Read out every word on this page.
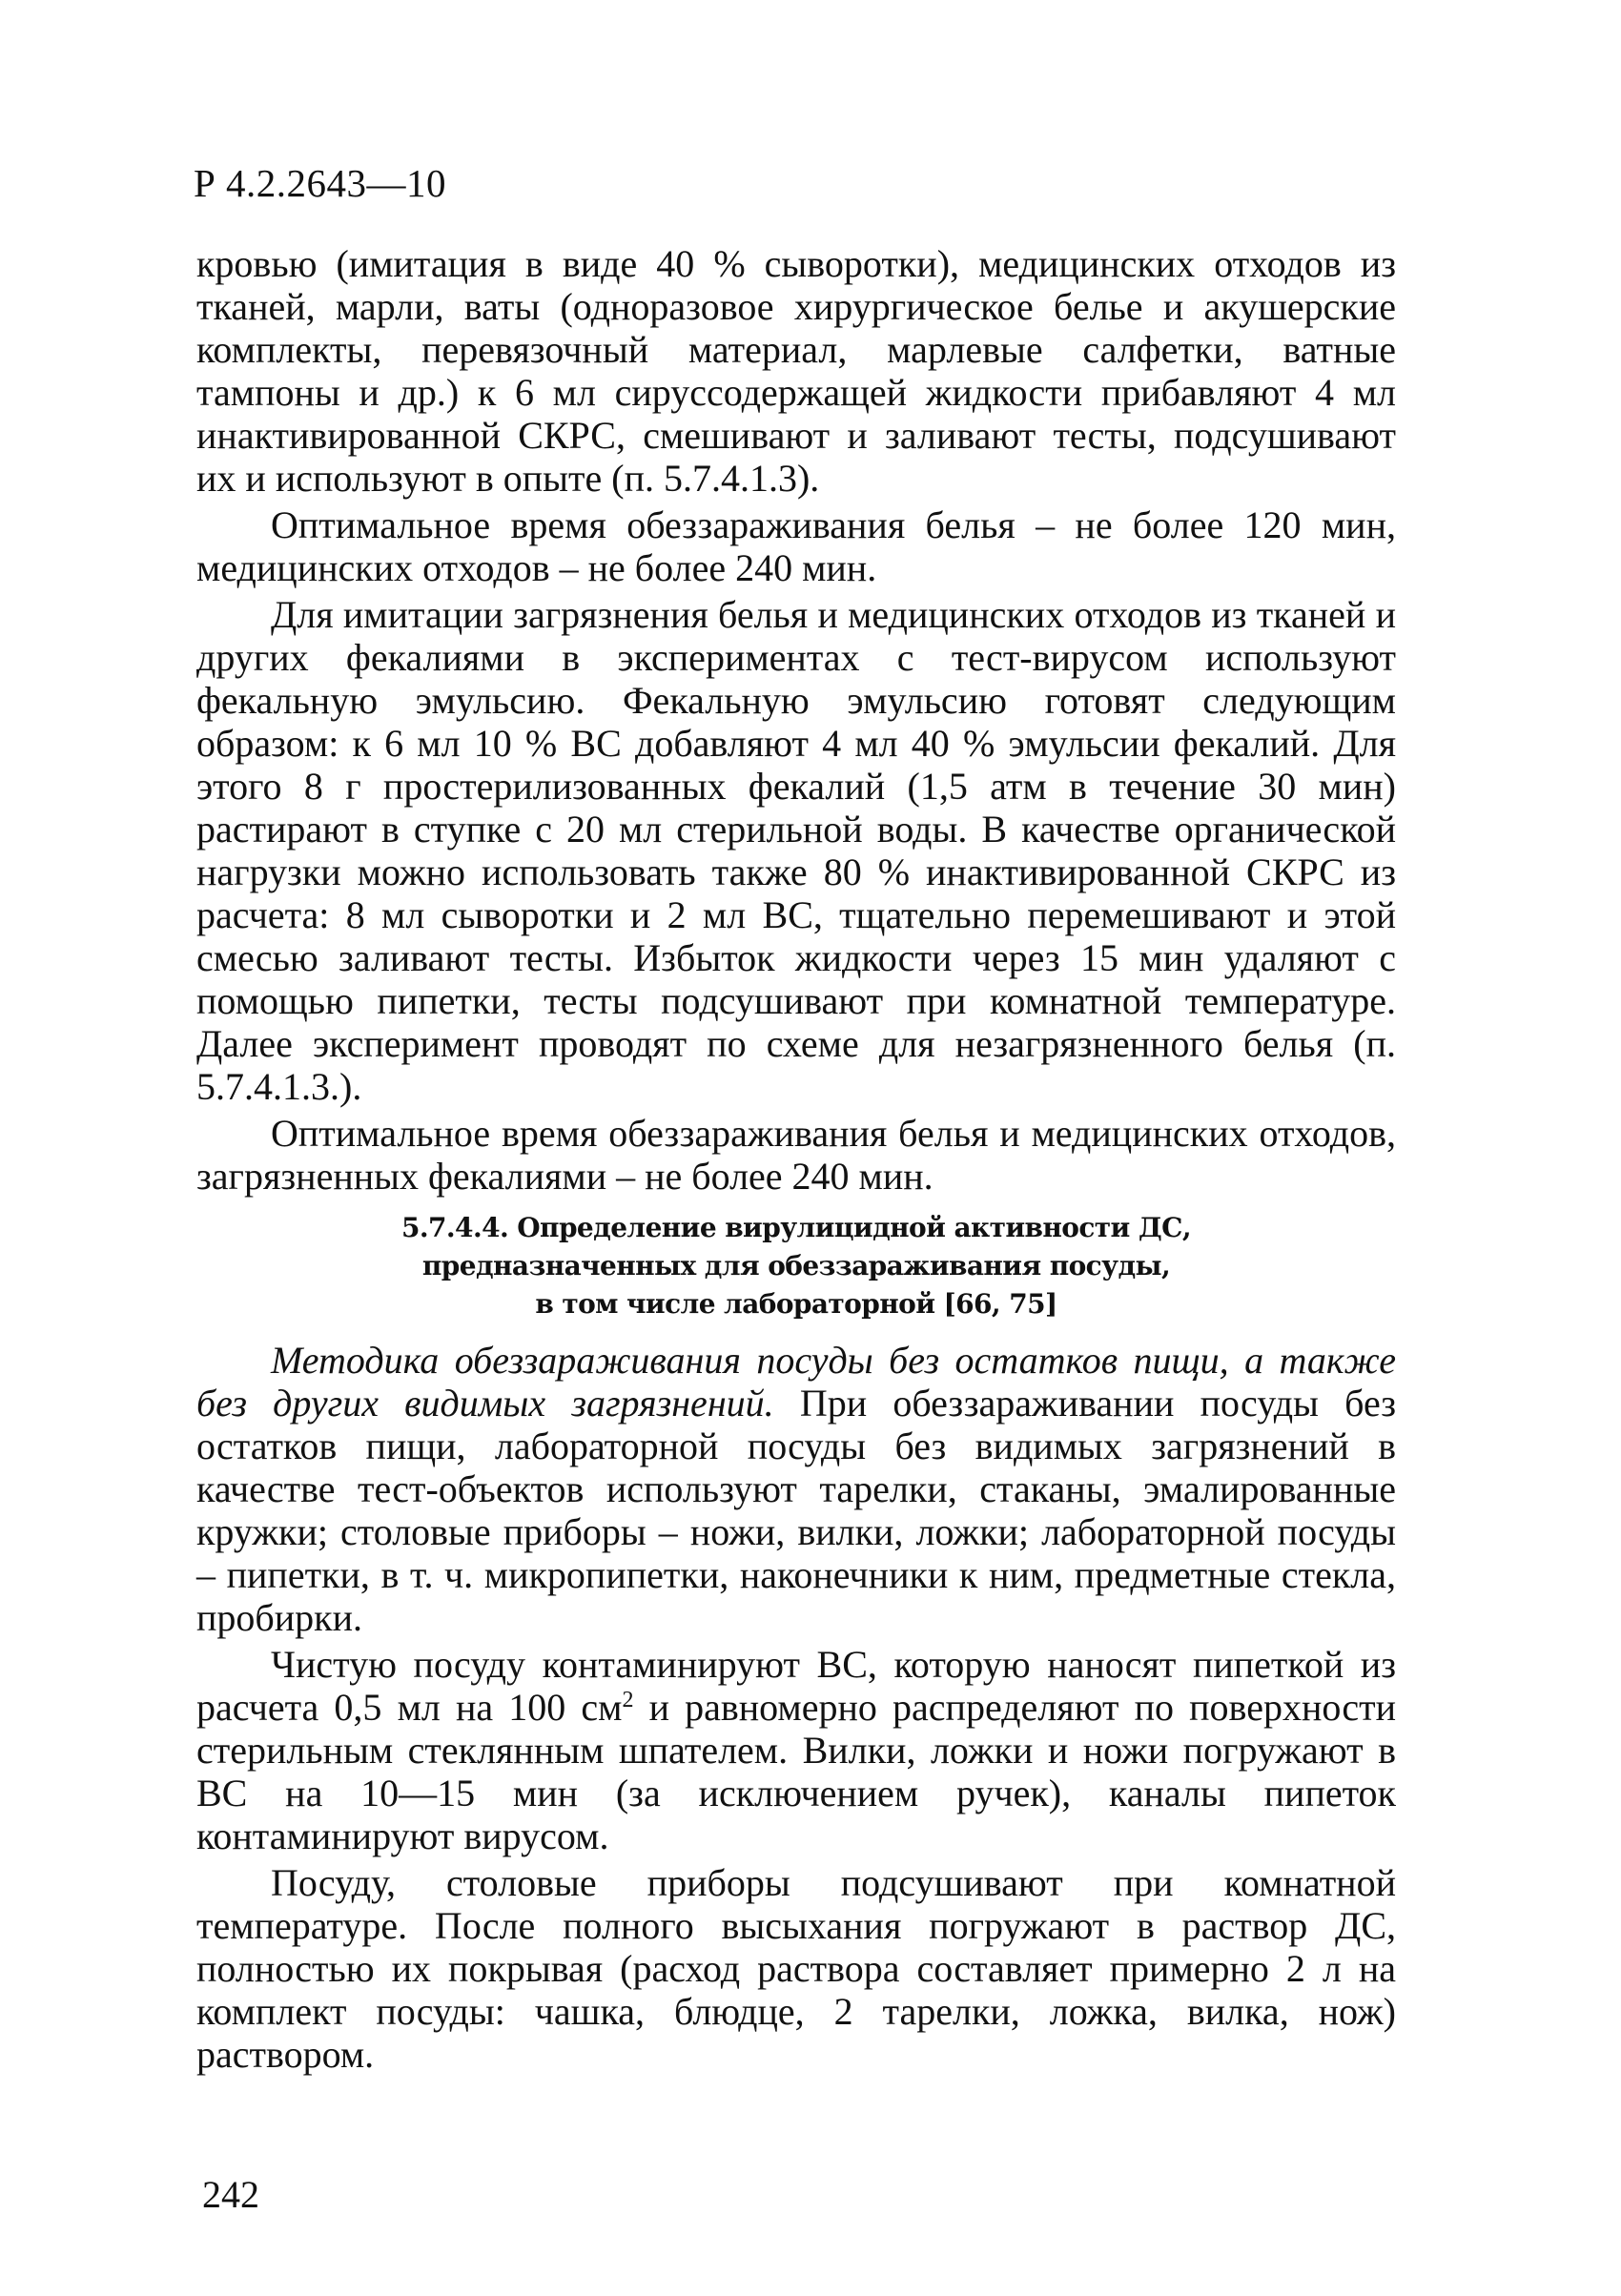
Р 4.2.2643—10

кровью (имитация в виде 40 % сыворотки), медицинских отходов из тканей, марли, ваты (одноразовое хирургическое белье и акушерские комплекты, перевязочный материал, марлевые салфетки, ватные тампоны и др.) к 6 мл сируссодержащей жидкости прибавляют 4 мл инактивированной СКРС, смешивают и заливают тесты, подсушивают их и используют в опыте (п. 5.7.4.1.3).

Оптимальное время обеззараживания белья – не более 120 мин, медицинских отходов – не более 240 мин.

Для имитации загрязнения белья и медицинских отходов из тканей и других фекалиями в экспериментах с тест-вирусом используют фекальную эмульсию. Фекальную эмульсию готовят следующим образом: к 6 мл 10 % ВС добавляют 4 мл 40 % эмульсии фекалий. Для этого 8 г простерилизованных фекалий (1,5 атм в течение 30 мин) растирают в ступке с 20 мл стерильной воды. В качестве органической нагрузки можно использовать также 80 % инактивированной СКРС из расчета: 8 мл сыворотки и 2 мл ВС, тщательно перемешивают и этой смесью заливают тесты. Избыток жидкости через 15 мин удаляют с помощью пипетки, тесты подсушивают при комнатной температуре. Далее эксперимент проводят по схеме для незагрязненного белья (п. 5.7.4.1.3.).

Оптимальное время обеззараживания белья и медицинских отходов, загрязненных фекалиями – не более 240 мин.

5.7.4.4. Определение вирулицидной активности ДС,
предназначенных для обеззараживания посуды,
в том числе лабораторной [66, 75]

Методика обеззараживания посуды без остатков пищи, а также без других видимых загрязнений. При обеззараживании посуды без остатков пищи, лабораторной посуды без видимых загрязнений в качестве тест-объектов используют тарелки, стаканы, эмалированные кружки; столовые приборы – ножи, вилки, ложки; лабораторной посуды – пипетки, в т. ч. микропипетки, наконечники к ним, предметные стекла, пробирки.

Чистую посуду контаминируют ВС, которую наносят пипеткой из расчета 0,5 мл на 100 $см^2$ и равномерно распределяют по поверхности стерильным стеклянным шпателем. Вилки, ложки и ножи погружают в ВС на 10—15 мин (за исключением ручек), каналы пипеток контаминируют вирусом.

Посуду, столовые приборы подсушивают при комнатной температуре. После полного высыхания погружают в раствор ДС, полностью их покрывая (расход раствора составляет примерно 2 л на комплект посуды: чашка, блюдце, 2 тарелки, ложка, вилка, нож) раствором.

242
